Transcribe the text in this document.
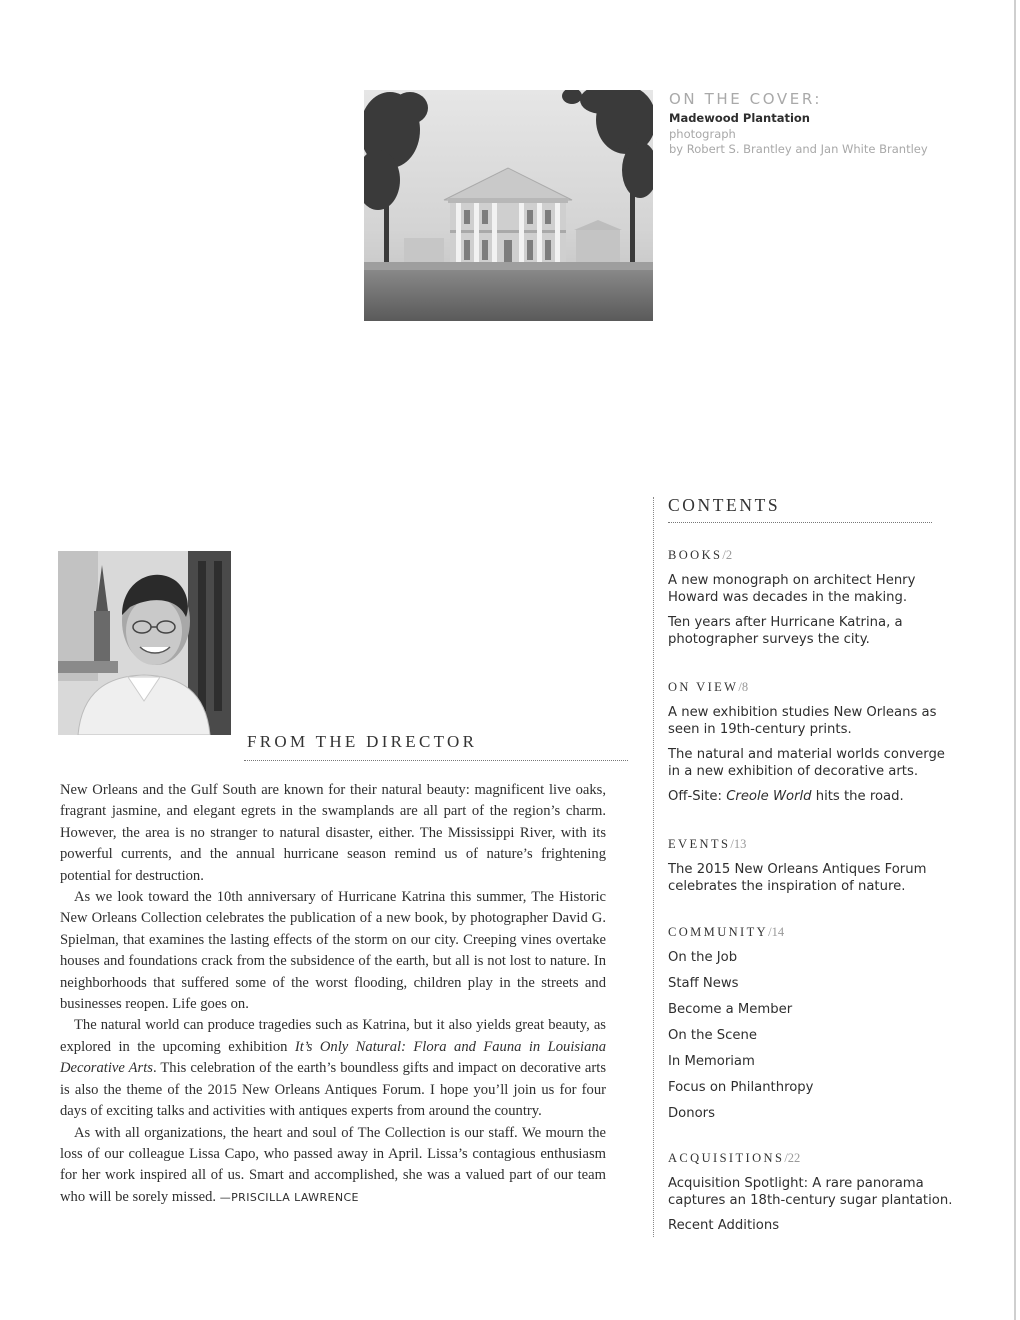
ON THE COVER:
Madewood Plantation
photograph
by Robert S. Brantley and Jan White Brantley
FROM THE DIRECTOR

New Orleans and the Gulf South are known for their natural beauty: magnificent live oaks, fragrant jasmine, and elegant egrets in the swamplands are all part of the region’s charm. However, the area is no stranger to natural disaster, either. The Mississippi River, with its powerful currents, and the annual hurricane season remind us of nature’s frightening potential for destruction.

As we look toward the 10th anniversary of Hurricane Katrina this summer, The Historic New Orleans Collection celebrates the publication of a new book, by photographer David G. Spielman, that examines the lasting effects of the storm on our city. Creeping vines overtake houses and foundations crack from the subsidence of the earth, but all is not lost to nature. In neighborhoods that suffered some of the worst flooding, children play in the streets and businesses reopen. Life goes on.

The natural world can produce tragedies such as Katrina, but it also yields great beauty, as explored in the upcoming exhibition It’s Only Natural: Flora and Fauna in Louisiana Decorative Arts. This celebration of the earth’s boundless gifts and impact on decorative arts is also the theme of the 2015 New Orleans Antiques Forum. I hope you’ll join us for four days of exciting talks and activities with antiques experts from around the country.

As with all organizations, the heart and soul of The Collection is our staff. We mourn the loss of our colleague Lissa Capo, who passed away in April. Lissa’s contagious enthusiasm for her work inspired all of us. Smart and accomplished, she was a valued part of our team who will be sorely missed. —PRISCILLA LAWRENCE

CONTENTS
BOOKS/2
A new monograph on architect Henry Howard was decades in the making.
Ten years after Hurricane Katrina, a photographer surveys the city.
ON VIEW/8
A new exhibition studies New Orleans as seen in 19th-century prints.
The natural and material worlds converge in a new exhibition of decorative arts.
Off-Site: Creole World hits the road.
EVENTS/13
The 2015 New Orleans Antiques Forum celebrates the inspiration of nature.
COMMUNITY/14
On the Job
Staff News
Become a Member
On the Scene
In Memoriam
Focus on Philanthropy
Donors
ACQUISITIONS/22
Acquisition Spotlight: A rare panorama captures an 18th-century sugar plantation.
Recent Additions
